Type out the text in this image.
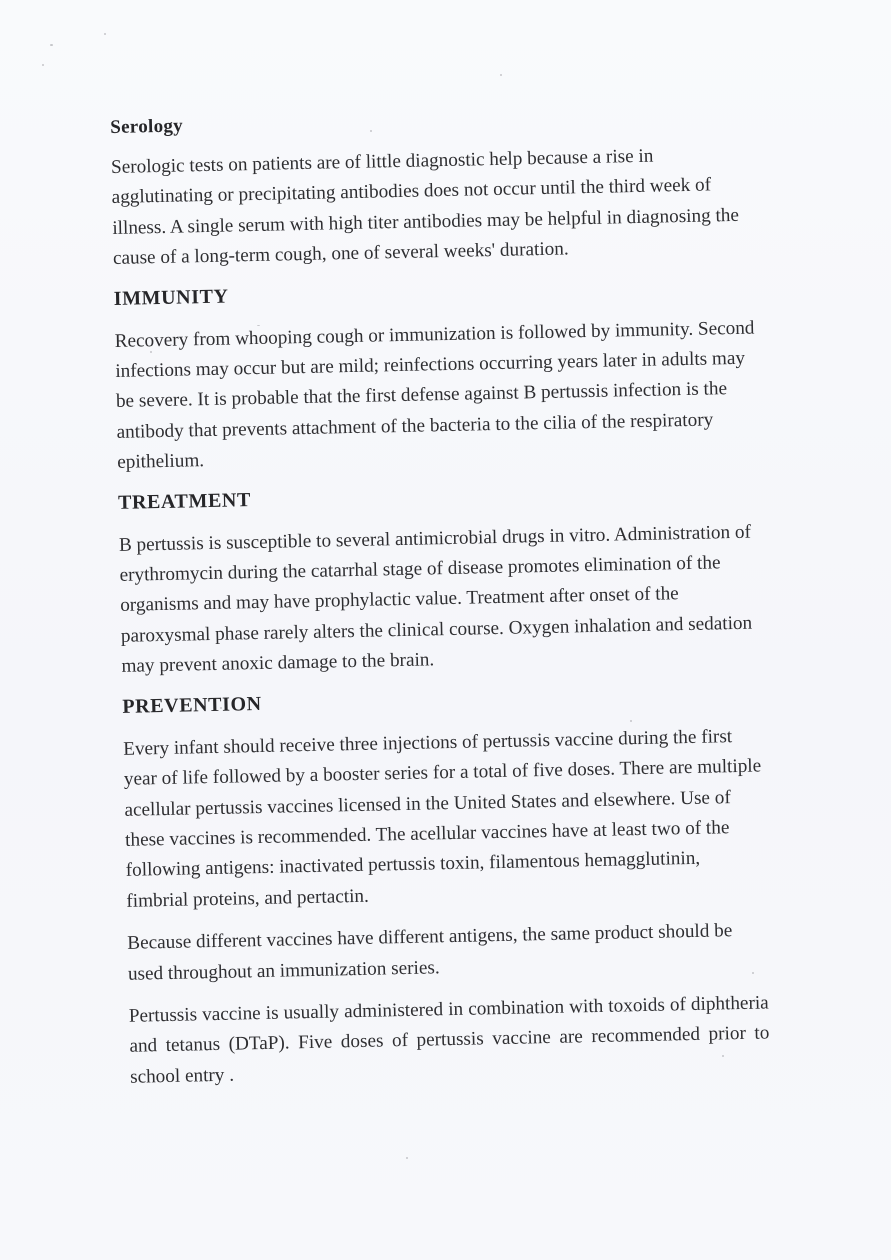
Serology

Serologic tests on patients are of little diagnostic help because a rise in agglutinating or precipitating antibodies does not occur until the third week of illness. A single serum with high titer antibodies may be helpful in diagnosing the cause of a long-term cough, one of several weeks' duration.

IMMUNITY

Recovery from whooping cough or immunization is followed by immunity. Second infections may occur but are mild; reinfections occurring years later in adults may be severe. It is probable that the first defense against B pertussis infection is the antibody that prevents attachment of the bacteria to the cilia of the respiratory epithelium.

TREATMENT

B pertussis is susceptible to several antimicrobial drugs in vitro. Administration of erythromycin during the catarrhal stage of disease promotes elimination of the organisms and may have prophylactic value. Treatment after onset of the paroxysmal phase rarely alters the clinical course. Oxygen inhalation and sedation may prevent anoxic damage to the brain.

PREVENTION

Every infant should receive three injections of pertussis vaccine during the first year of life followed by a booster series for a total of five doses. There are multiple acellular pertussis vaccines licensed in the United States and elsewhere. Use of these vaccines is recommended. The acellular vaccines have at least two of the following antigens: inactivated pertussis toxin, filamentous hemagglutinin, fimbrial proteins, and pertactin.

Because different vaccines have different antigens, the same product should be used throughout an immunization series.

Pertussis vaccine is usually administered in combination with toxoids of diphtheria and tetanus (DTaP). Five doses of pertussis vaccine are recommended prior to school entry .
